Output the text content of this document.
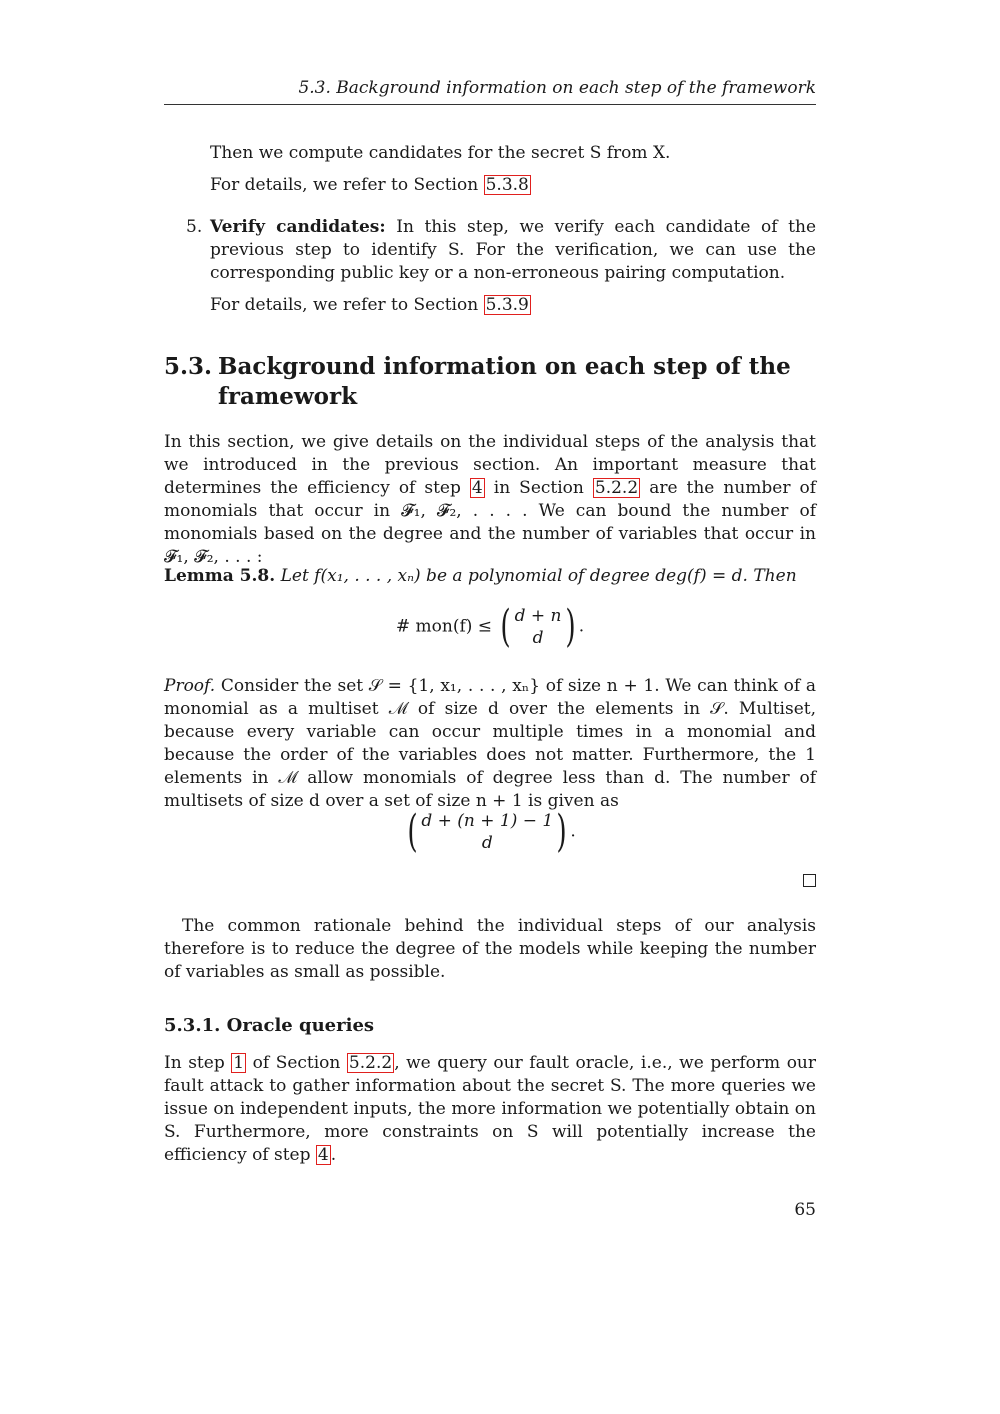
5.3. Background information on each step of the framework

Then we compute candidates for the secret S from X.

For details, we refer to Section 5.3.8

5. Verify candidates: In this step, we verify each candidate of the previous step to identify S. For the verification, we can use the corresponding public key or a non-erroneous pairing computation.

For details, we refer to Section 5.3.9

5.3. Background information on each step of the
framework

In this section, we give details on the individual steps of the analysis that we introduced in the previous section. An important measure that determines the efficiency of step 4 in Section 5.2.2 are the number of monomials that occur in 𝓕₁, 𝓕₂, . . . . We can bound the number of monomials based on the degree and the number of variables that occur in 𝓕₁, 𝓕₂, . . . :

Lemma 5.8. Let f(x₁, . . . , xₙ) be a polynomial of degree deg(f) = d. Then

# mon(f) ≤ ( d + n
d ) .

Proof. Consider the set 𝒮 = {1, x₁, . . . , xₙ} of size n + 1. We can think of a monomial as a multiset ℳ of size d over the elements in 𝒮. Multiset, because every variable can occur multiple times in a monomial and because the order of the variables does not matter. Furthermore, the 1 elements in ℳ allow monomials of degree less than d. The number of multisets of size d over a set of size n + 1 is given as

( d + (n + 1) − 1
d ) .

The common rationale behind the individual steps of our analysis therefore is to reduce the degree of the models while keeping the number of variables as small as possible.

5.3.1. Oracle queries

In step 1 of Section 5.2.2 , we query our fault oracle, i.e., we perform our fault attack to gather information about the secret S. The more queries we issue on independent inputs, the more information we potentially obtain on S. Furthermore, more constraints on S will potentially increase the efficiency of step 4 .

65
